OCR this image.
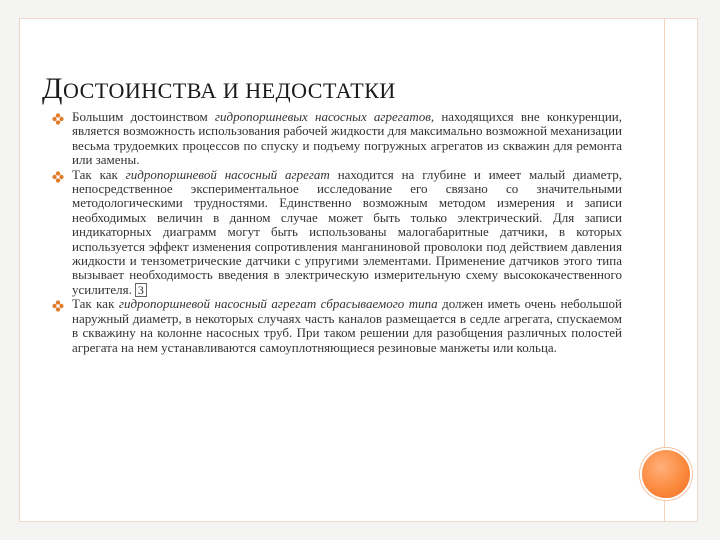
ДОСТОИНСТВА И НЕДОСТАТКИ
Большим достоинством гидропоршневых насосных агрегатов, находящихся вне конкуренции, является возможность использования рабочей жидкости для максимально возможной механизации весьма трудоемких процессов по спуску и подъему погружных агрегатов из скважин для ремонта или замены.
Так как гидропоршневой насосный агрегат находится на глубине и имеет малый диаметр, непосредственное экспериментальное исследование его связано со значительными методологическими трудностями. Единственно возможным методом измерения и записи необходимых величин в данном случае может быть только электрический. Для записи индикаторных диаграмм могут быть использованы малогабаритные датчики, в которых используется эффект изменения сопротивления манганиновой проволоки под действием давления жидкости и тензометрические датчики с упругими элементами. Применение датчиков этого типа вызывает необходимость введения в электрическую измерительную схему высококачественного усилителя. 3
Так как гидропоршневой насосный агрегат сбрасываемого типа должен иметь очень небольшой наружный диаметр, в некоторых случаях часть каналов размещается в седле агрегата, спускаемом в скважину на колонне насосных труб. При таком решении для разобщения различных полостей агрегата на нем устанавливаются самоуплотняющиеся резиновые манжеты или кольца.
